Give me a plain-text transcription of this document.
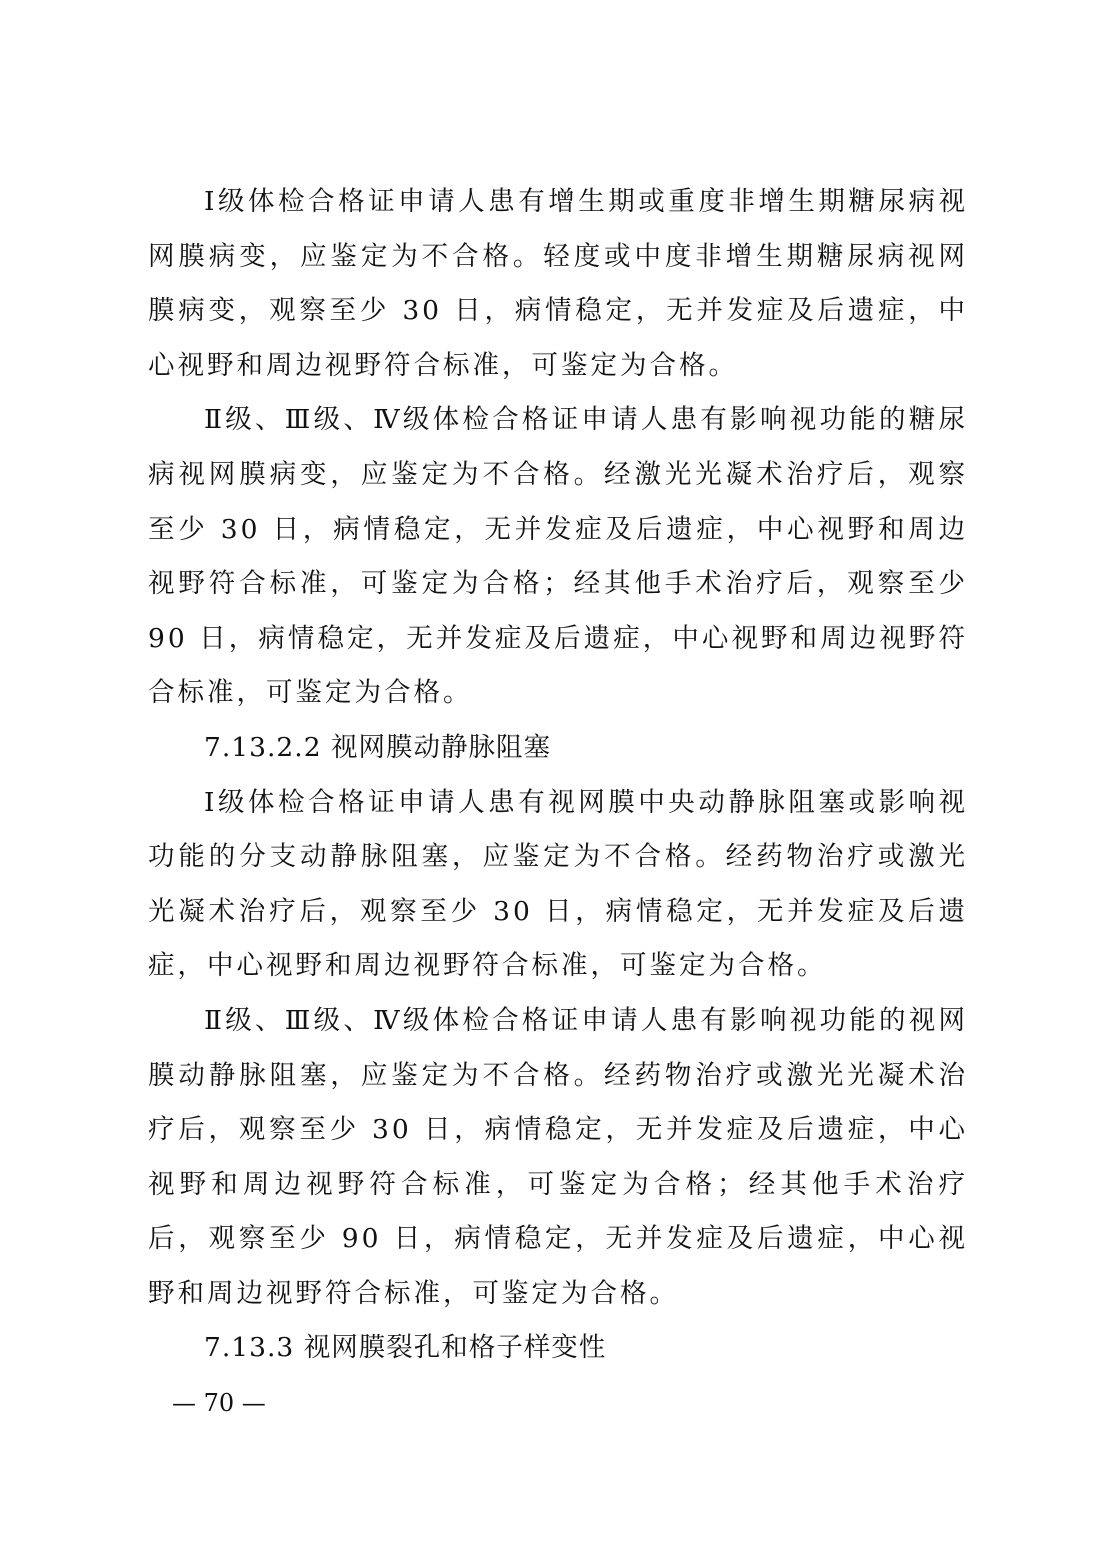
Ⅰ级体检合格证申请人患有增生期或重度非增生期糖尿病视网膜病变，应鉴定为不合格。轻度或中度非增生期糖尿病视网膜病变，观察至少 30 日，病情稳定，无并发症及后遗症，中心视野和周边视野符合标准，可鉴定为合格。

Ⅱ级、Ⅲ级、Ⅳ级体检合格证申请人患有影响视功能的糖尿病视网膜病变，应鉴定为不合格。经激光光凝术治疗后，观察至少 30 日，病情稳定，无并发症及后遗症，中心视野和周边视野符合标准，可鉴定为合格；经其他手术治疗后，观察至少 90 日，病情稳定，无并发症及后遗症，中心视野和周边视野符合标准，可鉴定为合格。

7.13.2.2 视网膜动静脉阻塞

Ⅰ级体检合格证申请人患有视网膜中央动静脉阻塞或影响视功能的分支动静脉阻塞，应鉴定为不合格。经药物治疗或激光光凝术治疗后，观察至少 30 日，病情稳定，无并发症及后遗症，中心视野和周边视野符合标准，可鉴定为合格。

Ⅱ级、Ⅲ级、Ⅳ级体检合格证申请人患有影响视功能的视网膜动静脉阻塞，应鉴定为不合格。经药物治疗或激光光凝术治疗后，观察至少 30 日，病情稳定，无并发症及后遗症，中心视野和周边视野符合标准，可鉴定为合格；经其他手术治疗后，观察至少 90 日，病情稳定，无并发症及后遗症，中心视野和周边视野符合标准，可鉴定为合格。

7.13.3 视网膜裂孔和格子样变性

— 70 —
